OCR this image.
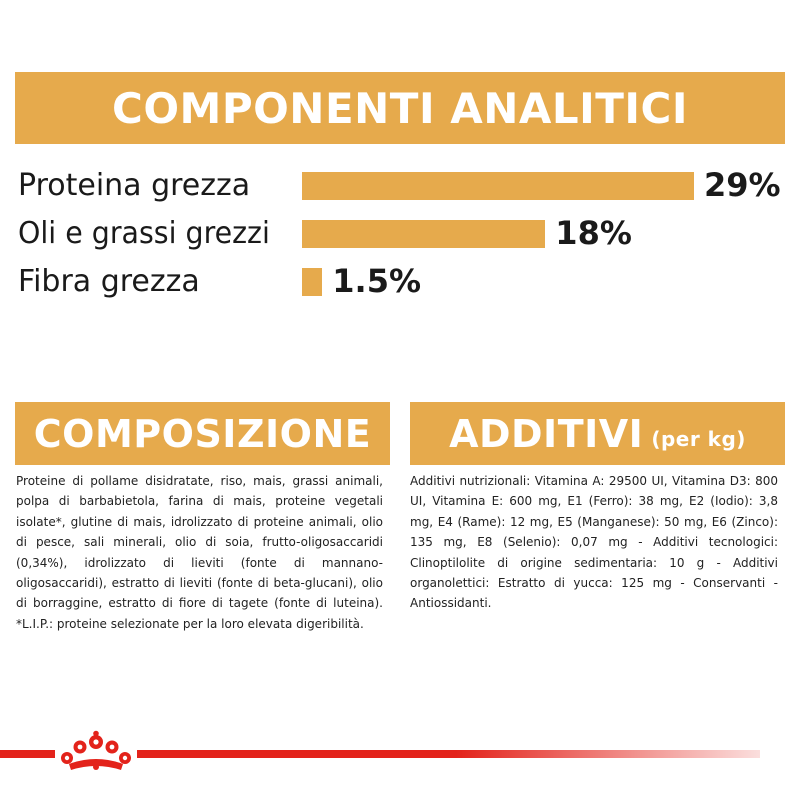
COMPONENTI ANALITICI
Proteina grezza	29%
Oli e grassi grezzi	18%
Fibra grezza	1.5%
COMPOSIZIONE ADDITIVI (per kg)
Proteine di pollame disidratate, riso, mais, grassi animali, polpa di barbabietola, farina di mais, proteine vegetali isolate*, glutine di mais, idrolizzato di proteine animali, olio di pesce, sali minerali, olio di soia, frutto-oligosaccaridi (0,34%), idrolizzato di lieviti (fonte di mannano-oligosaccaridi), estratto di lieviti (fonte di beta-glucani), olio di borraggine, estratto di fiore di tagete (fonte di luteina). *L.I.P.: proteine selezionate per la loro elevata digeribilità.
Additivi nutrizionali: Vitamina A: 29500 UI, Vitamina D3: 800 UI, Vitamina E: 600 mg, E1 (Ferro): 38 mg, E2 (Iodio): 3,8 mg, E4 (Rame): 12 mg, E5 (Manganese): 50 mg, E6 (Zinco): 135 mg, E8 (Selenio): 0,07 mg - Additivi tecnologici: Clinoptilolite di origine sedimentaria: 10 g - Additivi organolettici: Estratto di yucca: 125 mg - Conservanti - Antiossidanti.
